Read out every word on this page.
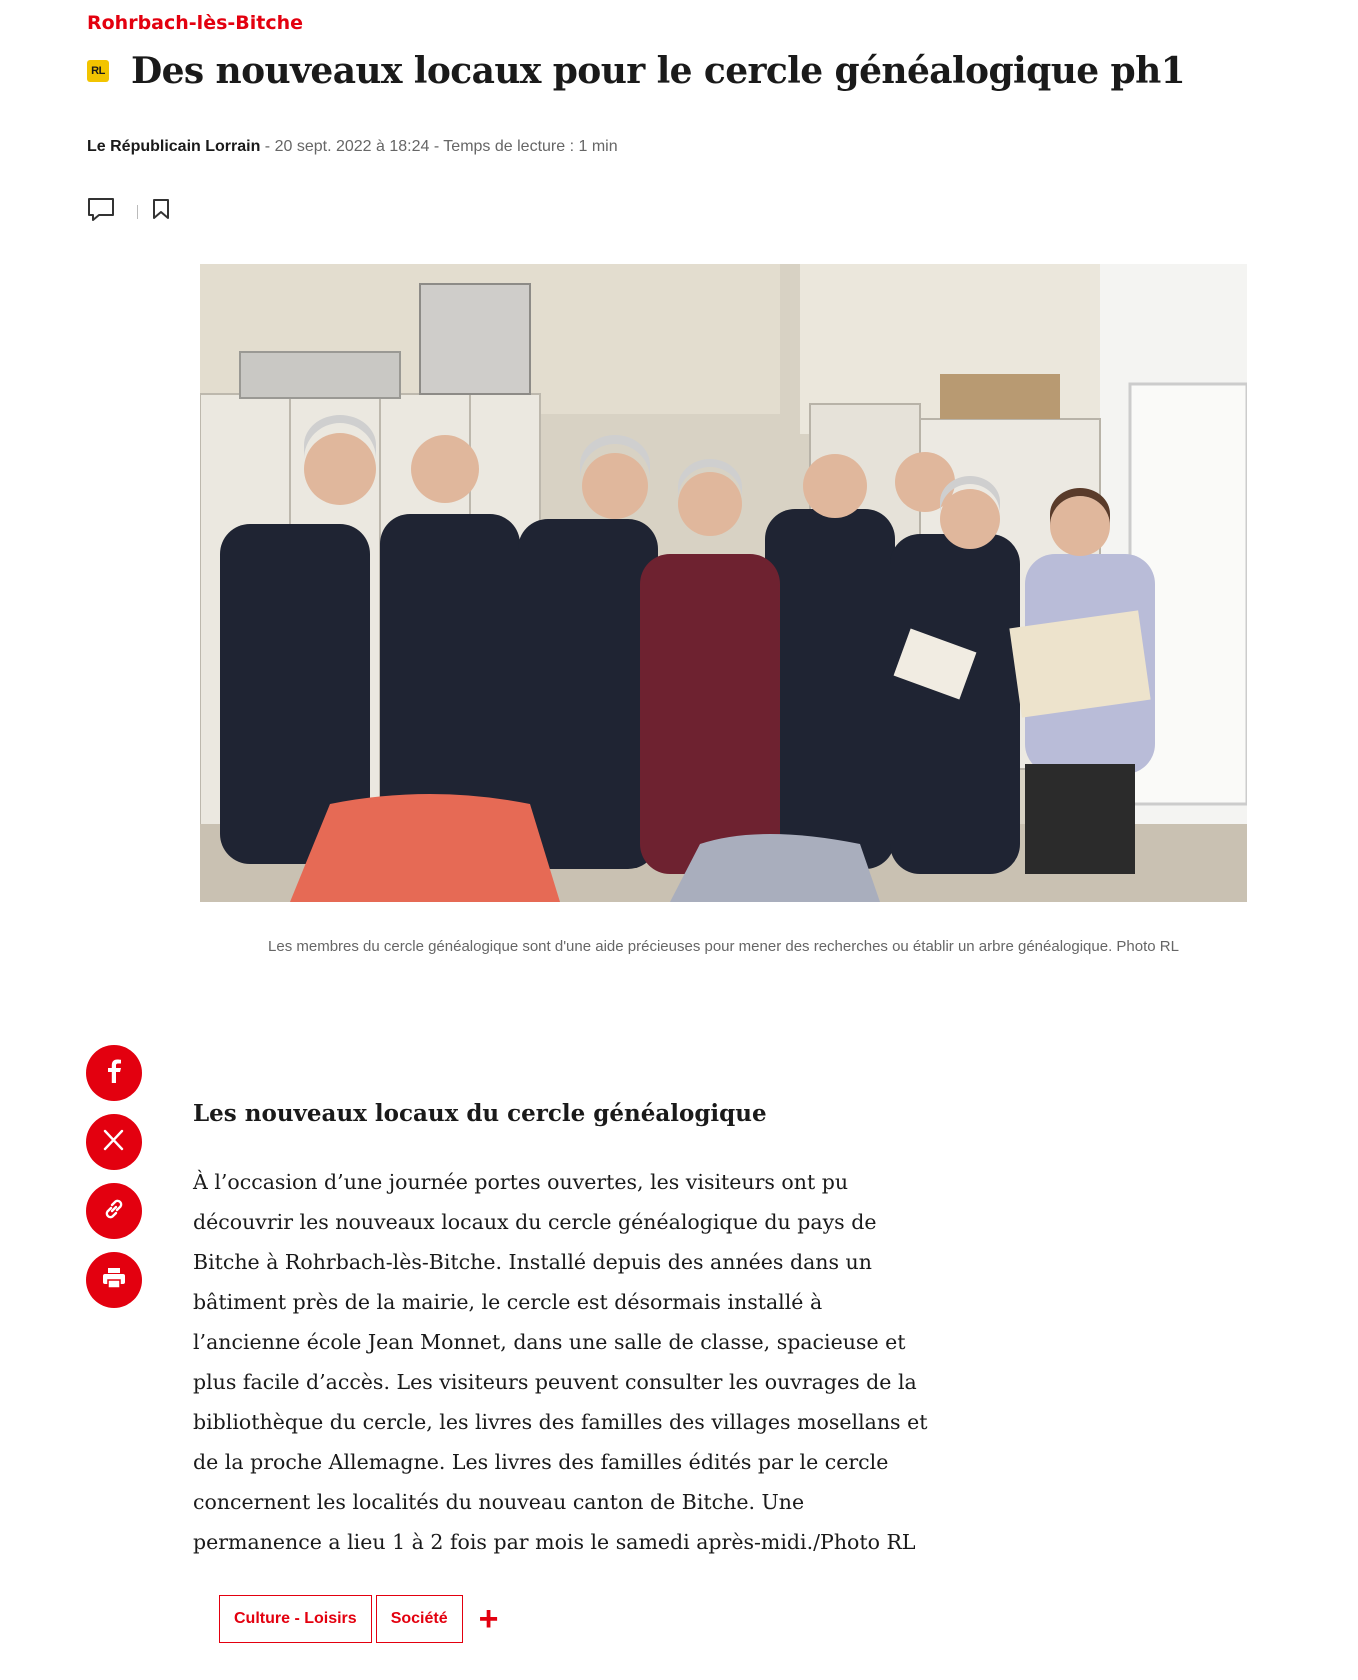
Rohrbach-lès-Bitche
RL Des nouveaux locaux pour le cercle généalogique ph1
Le Républicain Lorrain - 20 sept. 2022 à 18:24 - Temps de lecture : 1 min
Les membres du cercle généalogique sont d'une aide précieuses pour mener des recherches ou établir un arbre généalogique. Photo RL
Les nouveaux locaux du cercle généalogique

À l’occasion d’une journée portes ouvertes, les visiteurs ont pu découvrir les nouveaux locaux du cercle généalogique du pays de Bitche à Rohrbach-lès-Bitche. Installé depuis des années dans un bâtiment près de la mairie, le cercle est désormais installé à l’ancienne école Jean Monnet, dans une salle de classe, spacieuse et plus facile d’accès. Les visiteurs peuvent consulter les ouvrages de la bibliothèque du cercle, les livres des familles des villages mosellans et de la proche Allemagne. Les livres des familles édités par le cercle concernent les localités du nouveau canton de Bitche. Une permanence a lieu 1 à 2 fois par mois le samedi après-midi./Photo RL

Culture - Loisirs	Société +
